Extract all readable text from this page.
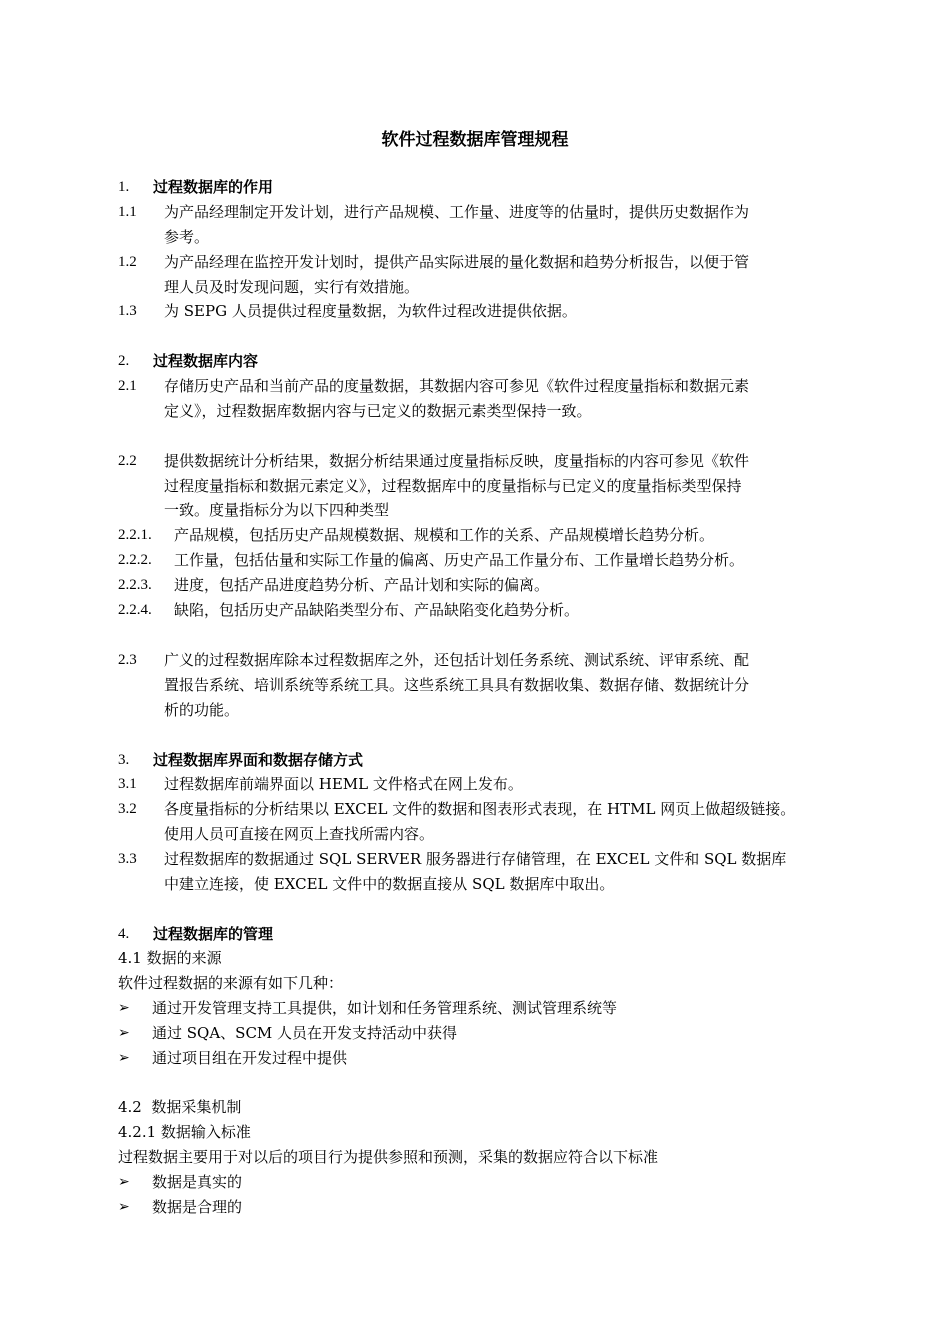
软件过程数据库管理规程
1. 过程数据库的作用
1.1 为产品经理制定开发计划，进行产品规模、工作量、进度等的估量时，提供历史数据作为
参考。
1.2 为产品经理在监控开发计划时，提供产品实际进展的量化数据和趋势分析报告，以便于管
理人员及时发现问题，实行有效措施。
1.3 为 SEPG 人员提供过程度量数据，为软件过程改进提供依据。
2. 过程数据库内容
2.1 存储历史产品和当前产品的度量数据，其数据内容可参见《软件过程度量指标和数据元素
定义》，过程数据库数据内容与已定义的数据元素类型保持一致。
2.2 提供数据统计分析结果，数据分析结果通过度量指标反映，度量指标的内容可参见《软件
过程度量指标和数据元素定义》，过程数据库中的度量指标与已定义的度量指标类型保持
一致。度量指标分为以下四种类型
2.2.1. 产品规模，包括历史产品规模数据、规模和工作的关系、产品规模增长趋势分析。
2.2.2. 工作量，包括估量和实际工作量的偏离、历史产品工作量分布、工作量增长趋势分析。
2.2.3. 进度，包括产品进度趋势分析、产品计划和实际的偏离。
2.2.4. 缺陷，包括历史产品缺陷类型分布、产品缺陷变化趋势分析。
2.3 广义的过程数据库除本过程数据库之外，还包括计划任务系统、测试系统、评审系统、配
置报告系统、培训系统等系统工具。这些系统工具具有数据收集、数据存储、数据统计分
析的功能。
3. 过程数据库界面和数据存储方式
3.1 过程数据库前端界面以 HEML 文件格式在网上发布。
3.2 各度量指标的分析结果以 EXCEL 文件的数据和图表形式表现，在 HTML 网页上做超级链接。
使用人员可直接在网页上查找所需内容。
3.3 过程数据库的数据通过 SQL SERVER 服务器进行存储管理，在 EXCEL 文件和 SQL 数据库
中建立连接，使 EXCEL 文件中的数据直接从 SQL 数据库中取出。
4. 过程数据库的管理
4.1 数据的来源
软件过程数据的来源有如下几种：
➢ 通过开发管理支持工具提供，如计划和任务管理系统、测试管理系统等
➢ 通过 SQA、SCM 人员在开发支持活动中获得
➢ 通过项目组在开发过程中提供
4.2  数据采集机制
4.2.1 数据输入标准
过程数据主要用于对以后的项目行为提供参照和预测，采集的数据应符合以下标准
➢ 数据是真实的
➢ 数据是合理的
